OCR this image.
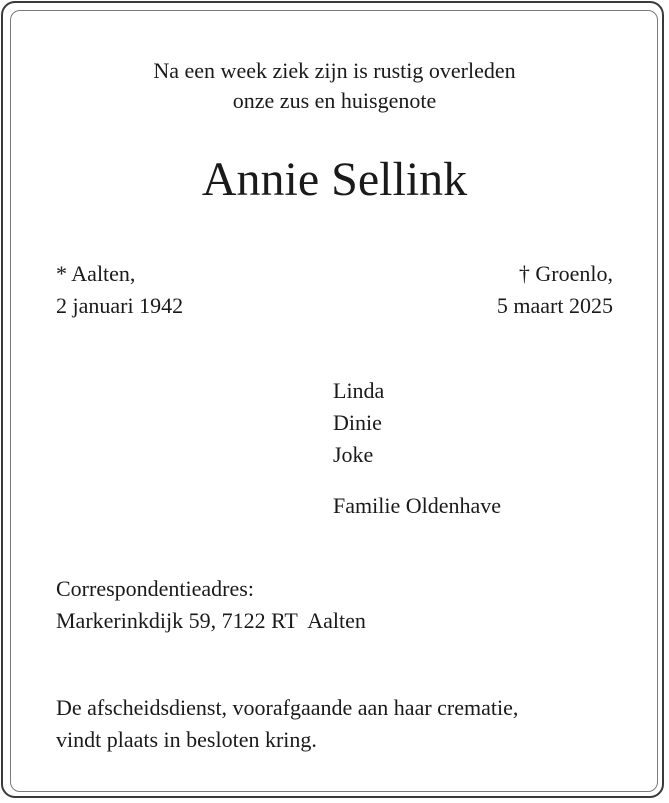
Na een week ziek zijn is rustig overleden
onze zus en huisgenote
Annie Sellink
* Aalten,
2 januari 1942
† Groenlo,
5 maart 2025
Linda
Dinie
Joke
Familie Oldenhave
Correspondentieadres:
Markerinkdijk 59, 7122 RT  Aalten
De afscheidsdienst, voorafgaande aan haar crematie,
vindt plaats in besloten kring.
